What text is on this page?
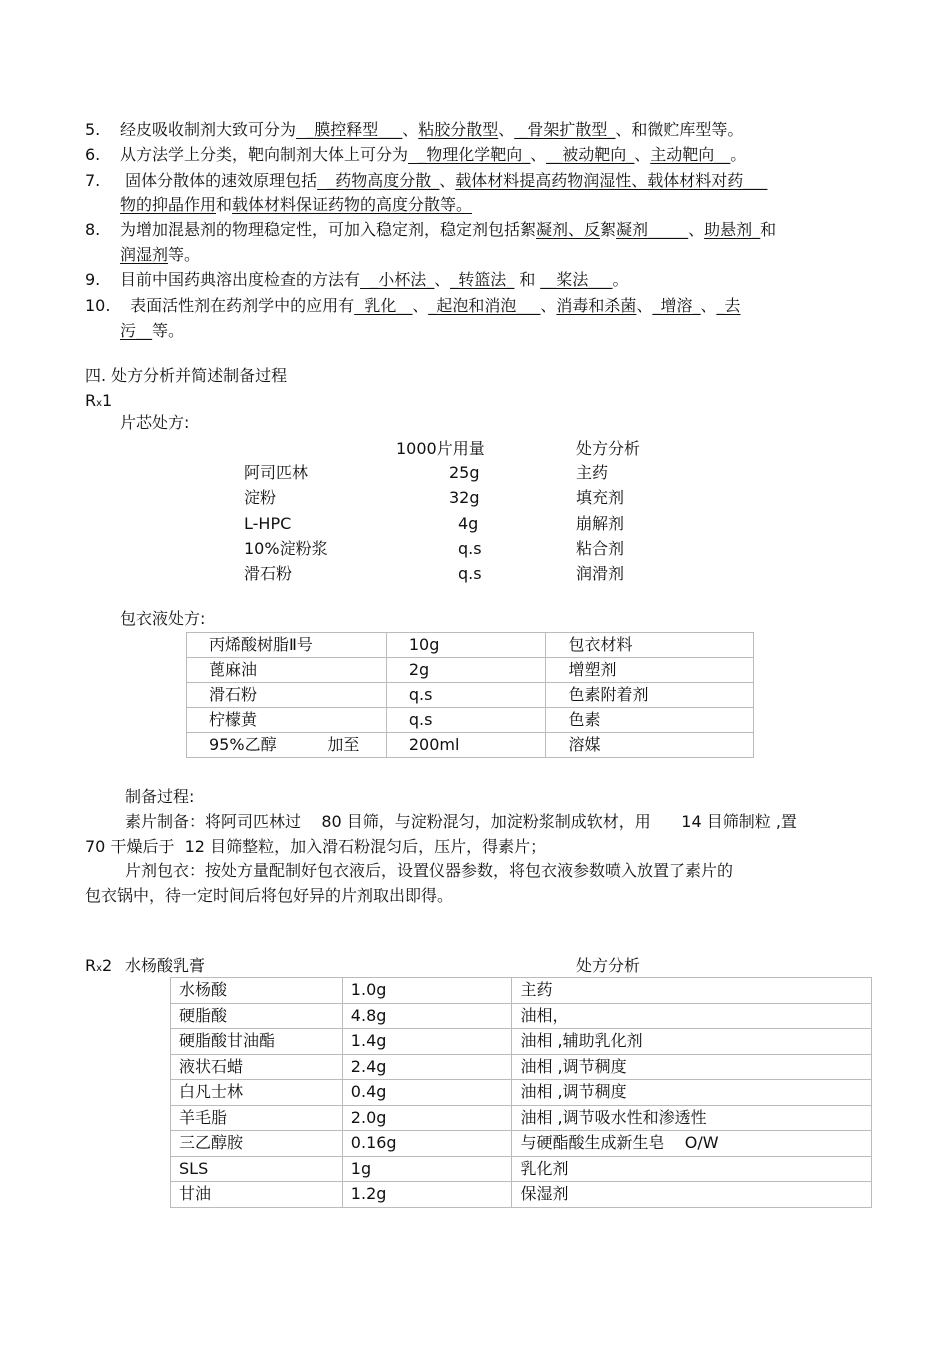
5. 经皮吸收制剂大致可分为  _膜控释型___、粘胶分散型、 _骨架扩散型_、和微贮库型等。
6. 从方法学上分类，靶向制剂大体上可分为  _物理化学靶向_、__被动靶向_、主动靶向__。
7. 固体分散体的速效原理包括  _药物高度分散_、载体材料提高药物润湿性、载体材料对药___
物的抑晶作用和载体材料保证药物的高度分散等。
8. 为增加混悬剂的物理稳定性，可加入稳定剂，稳定剂包括絮凝剂、反絮凝剂_____、助悬剂_和
润湿剂等。
9. 目前中国药典溶出度检查的方法有  _小杯法_、_转篮法_ 和 __桨法___。
10. 表面活性剂在药剂学中的应用有  乳化__、_起泡和消泡___、消毒和杀菌、_增溶_、_去
污__等。
四. 处方分析并简述制备过程
Rx1
片芯处方:
1000片用量	处方分析
阿司匹林	25g	主药
淀粉	32g	填充剂
L-HPC	4g	崩解剂
10%淀粉浆	q.s	粘合剂
滑石粉	q.s	润滑剂
包衣液处方:
丙烯酸树脂Ⅱ号	10g	包衣材料
蓖麻油	2g	增塑剂
滑石粉	q.s	色素附着剂
柠檬黄	q.s	色素
95%乙醇          加至	200ml	溶媒
制备过程:
素片制备：将阿司匹林过    80 目筛，与淀粉混匀，加淀粉浆制成软材，用      14 目筛制粒 ,置
70 干燥后于  12 目筛整粒，加入滑石粉混匀后，压片，得素片；
片剂包衣：按处方量配制好包衣液后，设置仪器参数，将包衣液参数喷入放置了素片的
包衣锅中，待一定时间后将包好异的片剂取出即得。
Rx2 水杨酸乳膏	处方分析
水杨酸	1.0g	主药
硬脂酸	4.8g	油相，
硬脂酸甘油酯	1.4g	油相 ,辅助乳化剂
液状石蜡	2.4g	油相 ,调节稠度
白凡士林	0.4g	油相 ,调节稠度
羊毛脂	2.0g	油相 ,调节吸水性和渗透性
三乙醇胺	0.16g	与硬酯酸生成新生皂    O/W
SLS	1g	乳化剂
甘油	1.2g	保湿剂
